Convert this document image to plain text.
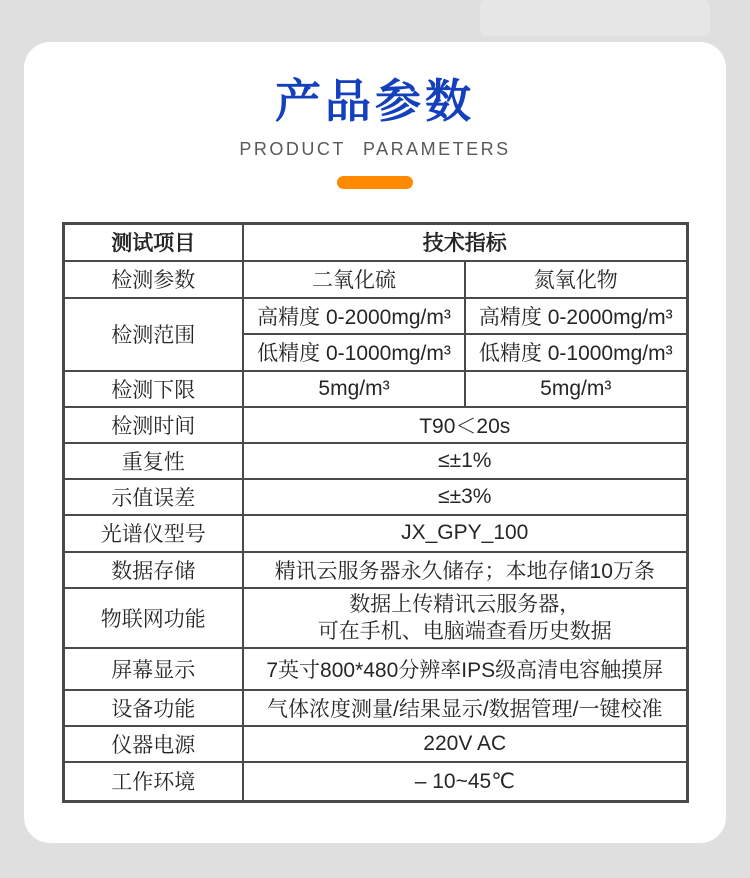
产品参数
PRODUCT PARAMETERS
测试项目	技术指标	
检测参数	二氧化硫	氮氧化物
检测范围	高精度 0-2000mg/m³	高精度 0-2000mg/m³
	低精度 0-1000mg/m³	低精度 0-1000mg/m³
检测下限	5mg/m³	5mg/m³
检测时间	T90＜20s	
重复性	≤±1%	
示值误差	≤±3%	
光谱仪型号	JX_GPY_100	
数据存储	精讯云服务器永久储存；本地存储10万条	
物联网功能	数据上传精讯云服务器，
可在手机、电脑端查看历史数据	

屏幕显示	7英寸800*480分辨率IPS级高清电容触摸屏	
设备功能	气体浓度测量/结果显示/数据管理/一键校准	
仪器电源	220V AC	
工作环境	– 10~45℃	
